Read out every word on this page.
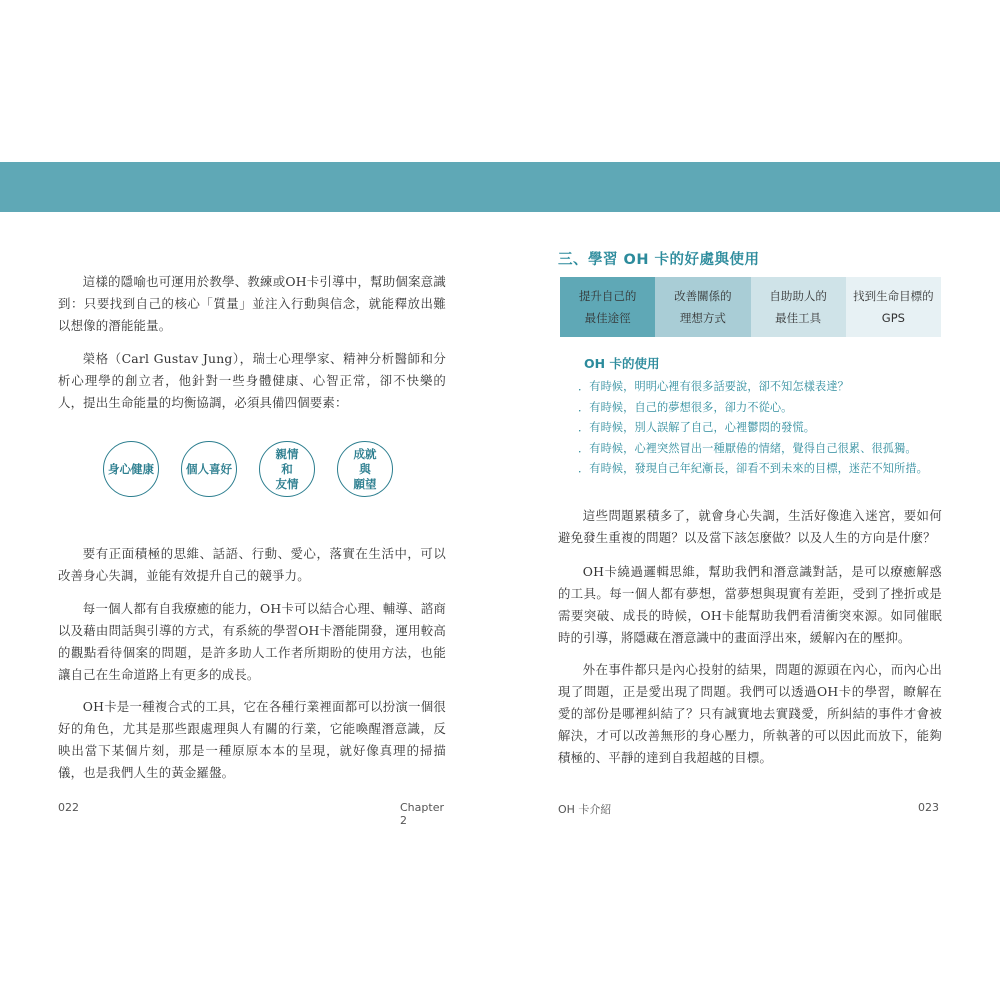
這樣的隱喻也可運用於教學、教練或OH卡引導中，幫助個案意識到：只要找到自己的核心「質量」並注入行動與信念，就能釋放出難以想像的潛能能量。

榮格（Carl Gustav Jung），瑞士心理學家、精神分析醫師和分析心理學的創立者，他針對一些身體健康、心智正常，卻不快樂的人，提出生命能量的均衡協調，必須具備四個要素：

身心健康	個人喜好
親情
和
友情
成就
與
願望

要有正面積極的思維、話語、行動、愛心，落實在生活中，可以改善身心失調，並能有效提升自己的競爭力。

每一個人都有自我療癒的能力，OH卡可以結合心理、輔導、諮商以及藉由問話與引導的方式，有系統的學習OH卡潛能開發，運用較高的觀點看待個案的問題，是許多助人工作者所期盼的使用方法，也能讓自己在生命道路上有更多的成長。

OH卡是一種複合式的工具，它在各種行業裡面都可以扮演一個很好的角色，尤其是那些跟處理與人有關的行業，它能喚醒潛意識，反映出當下某個片刻，那是一種原原本本的呈現，就好像真理的掃描儀，也是我們人生的黃金羅盤。

022	Chapter 2
三、學習 OH 卡的好處與使用
提升自己的
最佳途徑
改善關係的
理想方式
自助助人的
最佳工具
找到生命目標的
GPS
OH 卡的使用
． 有時候，明明心裡有很多話要說，卻不知怎樣表達？
． 有時候，自己的夢想很多，卻力不從心。
． 有時候，別人誤解了自己，心裡鬱悶的發慌。
． 有時候，心裡突然冒出一種厭倦的情緒，覺得自己很累、很孤獨。
． 有時候，發現自己年紀漸長，卻看不到未來的目標，迷茫不知所措。

這些問題累積多了，就會身心失調，生活好像進入迷宮，要如何避免發生重複的問題？以及當下該怎麼做？以及人生的方向是什麼？

OH卡繞過邏輯思維，幫助我們和潛意識對話，是可以療癒解惑的工具。每一個人都有夢想，當夢想與現實有差距，受到了挫折或是需要突破、成長的時候，OH卡能幫助我們看清衝突來源。如同催眠時的引導，將隱藏在潛意識中的畫面浮出來，緩解內在的壓抑。

外在事件都只是內心投射的結果，問題的源頭在內心，而內心出現了問題，正是愛出現了問題。我們可以透過OH卡的學習，瞭解在愛的部份是哪裡糾結了？只有誠實地去實踐愛，所糾結的事件才會被解決，才可以改善無形的身心壓力，所執著的可以因此而放下，能夠積極的、平靜的達到自我超越的目標。

OH 卡介紹	023
